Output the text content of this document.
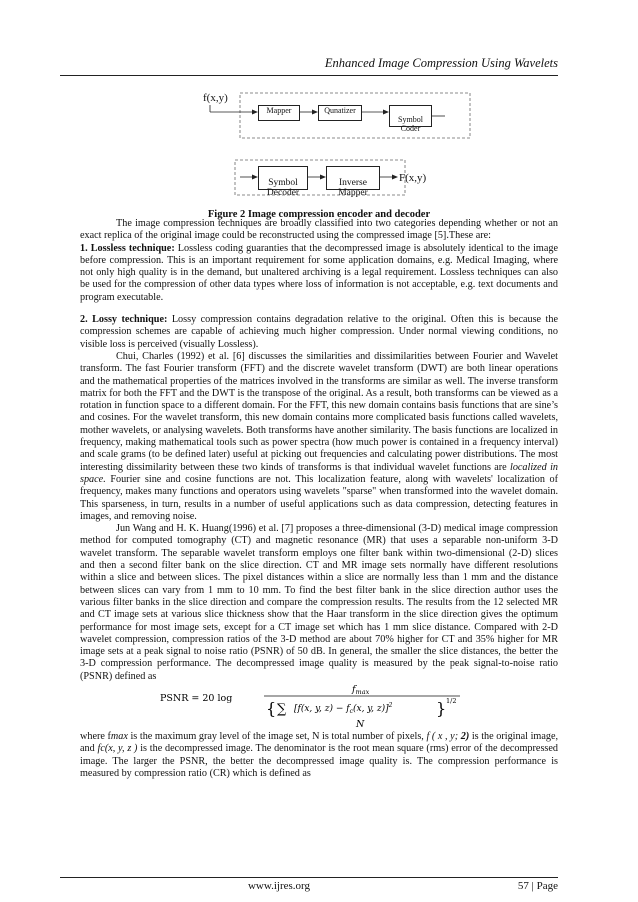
Enhanced Image Compression Using Wavelets
f(x,y)
Mapper	Qunatizer

Symbol
Coder

Symbol
Decoder

Inverse
Mapper

F(x,y)
Figure 2 Image compression encoder and decoder

The image compression techniques are broadly classified into two categories depending whether or not an exact replica of the original image could be reconstructed using the compressed image [5].These are:

1. Lossless technique: Lossless coding guaranties that the decompressed image is absolutely identical to the image before compression. This is an important requirement for some application domains, e.g. Medical Imaging, where not only high quality is in the demand, but unaltered archiving is a legal requirement. Lossless techniques can also be used for the compression of other data types where loss of information is not acceptable, e.g. text documents and program executable.

2. Lossy technique: Lossy compression contains degradation relative to the original. Often this is because the compression schemes are capable of achieving much higher compression. Under normal viewing conditions, no visible loss is perceived (visually Lossless).

Chui, Charles (1992) et al. [6] discusses the similarities and dissimilarities between Fourier and Wavelet transform. The fast Fourier transform (FFT) and the discrete wavelet transform (DWT) are both linear operations and the mathematical properties of the matrices involved in the transforms are similar as well. The inverse transform matrix for both the FFT and the DWT is the transpose of the original. As a result, both transforms can be viewed as a rotation in function space to a different domain. For the FFT, this new domain contains basis functions that are sine’s and cosines. For the wavelet transform, this new domain contains more complicated basis functions called wavelets, mother wavelets, or analysing wavelets. Both transforms have another similarity. The basis functions are localized in frequency, making mathematical tools such as power spectra (how much power is contained in a frequency interval) and scale grams (to be defined later) useful at picking out frequencies and calculating power distributions. The most interesting dissimilarity between these two kinds of transforms is that individual wavelet functions are localized in space. Fourier sine and cosine functions are not. This localization feature, along with wavelets' localization of frequency, makes many functions and operators using wavelets "sparse" when transformed into the wavelet domain. This sparseness, in turn, results in a number of useful applications such as data compression, detecting features in images, and removing noise.

Jun Wang and H. K. Huang(1996) et al. [7] proposes a three-dimensional (3-D) medical image compression method for computed tomography (CT) and magnetic resonance (MR) that uses a separable non-uniform 3-D wavelet transform. The separable wavelet transform employs one filter bank within two-dimensional (2-D) slices and then a second filter bank on the slice direction. CT and MR image sets normally have different resolutions within a slice and between slices. The pixel distances within a slice are normally less than 1 mm and the distance between slices can vary from 1 mm to 10 mm. To find the best filter bank in the slice direction author uses the various filter banks in the slice direction and compare the compression results. The results from the 12 selected MR and CT image sets at various slice thickness show that the Haar transform in the slice direction gives the optimum performance for most image sets, except for a CT image set which has 1 mm slice distance. Compared with 2-D wavelet compression, compression ratios of the 3-D method are about 70% higher for CT and 35% higher for MR image sets at a peak signal to noise ratio (PSNR) of 50 dB. In general, the smaller the slice distances, the better the 3-D compression performance. The decompressed image quality is measured by the peak signal-to-noise ratio (PSNR) defined as

PSNR = 20 log
$f_{max}$
{ ∑ [f(x, y, $z) - f_c(x$, y, z)]$^2$	} 1/2
N

where fmax is the maximum gray level of the image set, N is total number of pixels, f ( x , y; 2) is the original image, and fc(x, y, z ) is the decompressed image. The denominator is the root mean square (rms) error of the decompressed image. The larger the PSNR, the better the decompressed image quality is. The compression performance is measured by compression ratio (CR) which is defined as

www.ijres.org	57 | Page
